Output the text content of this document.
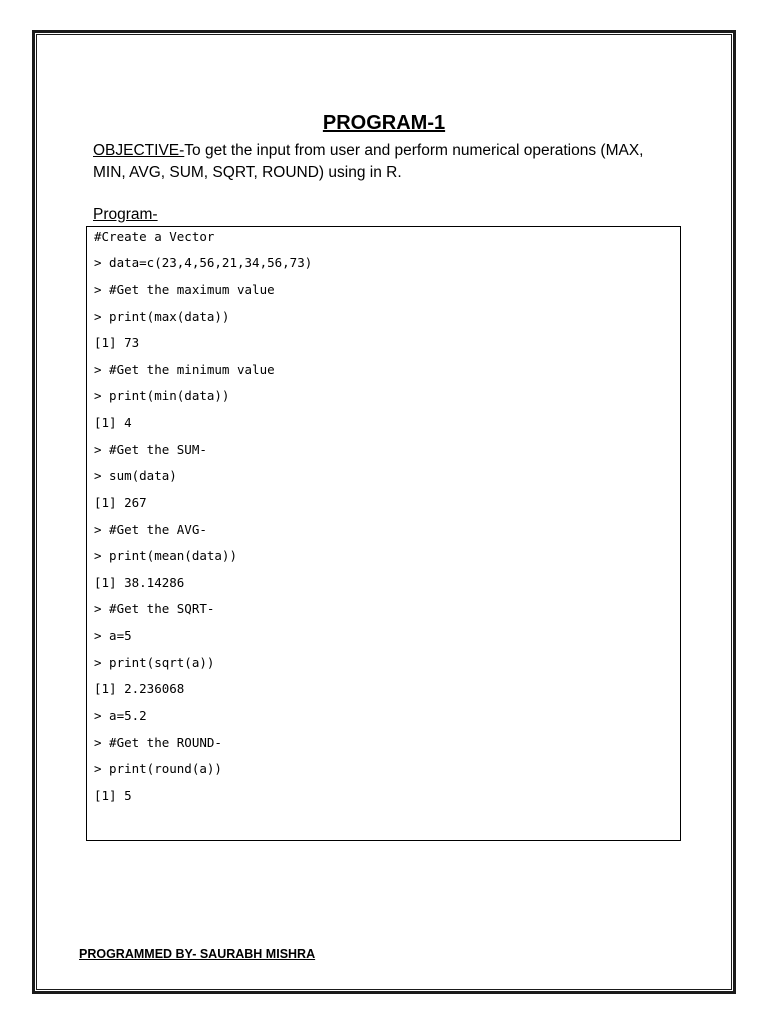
PROGRAM-1
OBJECTIVE-To get the input from user and perform numerical operations (MAX, MIN, AVG, SUM, SQRT, ROUND) using in R.
Program-
#Create a Vector
> data=c(23,4,56,21,34,56,73)
> #Get the maximum value
> print(max(data))
[1] 73
> #Get the minimum value
> print(min(data))
[1] 4
> #Get the SUM-
> sum(data)
[1] 267
> #Get the AVG-
> print(mean(data))
[1] 38.14286
> #Get the SQRT-
> a=5
> print(sqrt(a))
[1] 2.236068
> a=5.2
> #Get the ROUND-
> print(round(a))
[1] 5
PROGRAMMED BY- SAURABH MISHRA
